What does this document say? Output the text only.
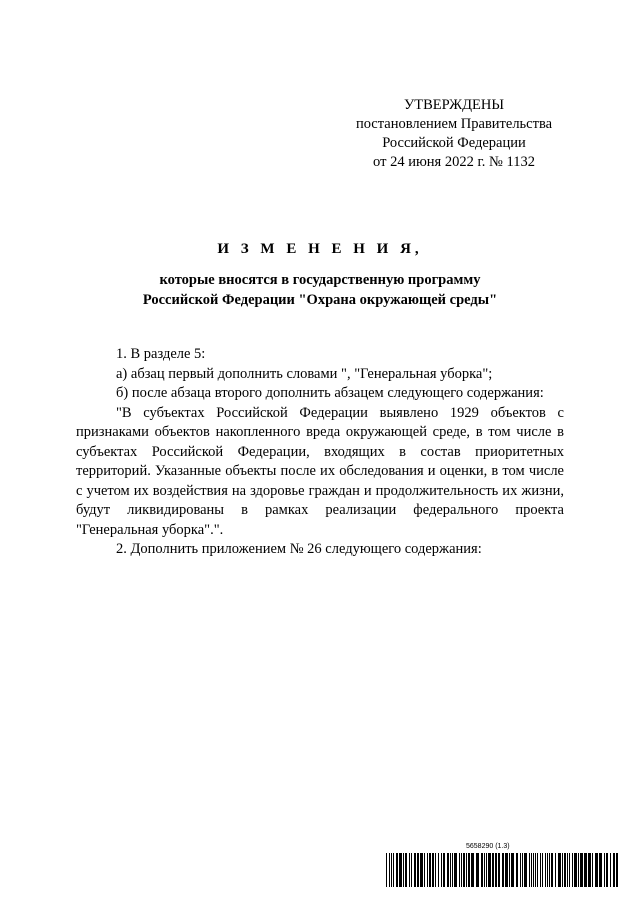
УТВЕРЖДЕНЫ
постановлением Правительства
Российской Федерации
от 24 июня 2022 г. № 1132
И З М Е Н Е Н И Я,
которые вносятся в государственную программу
Российской Федерации "Охрана окружающей среды"

1. В разделе 5:

а) абзац первый дополнить словами ", "Генеральная уборка";

б) после абзаца второго дополнить абзацем следующего содержания:

"В субъектах Российской Федерации выявлено 1929 объектов с признаками объектов накопленного вреда окружающей среде, в том числе в субъектах Российской Федерации, входящих в состав приоритетных территорий. Указанные объекты после их обследования и оценки, в том числе с учетом их воздействия на здоровье граждан и продолжительность их жизни, будут ликвидированы в рамках реализации федерального проекта "Генеральная уборка".".

2. Дополнить приложением № 26 следующего содержания:

5658290 (1.3)
